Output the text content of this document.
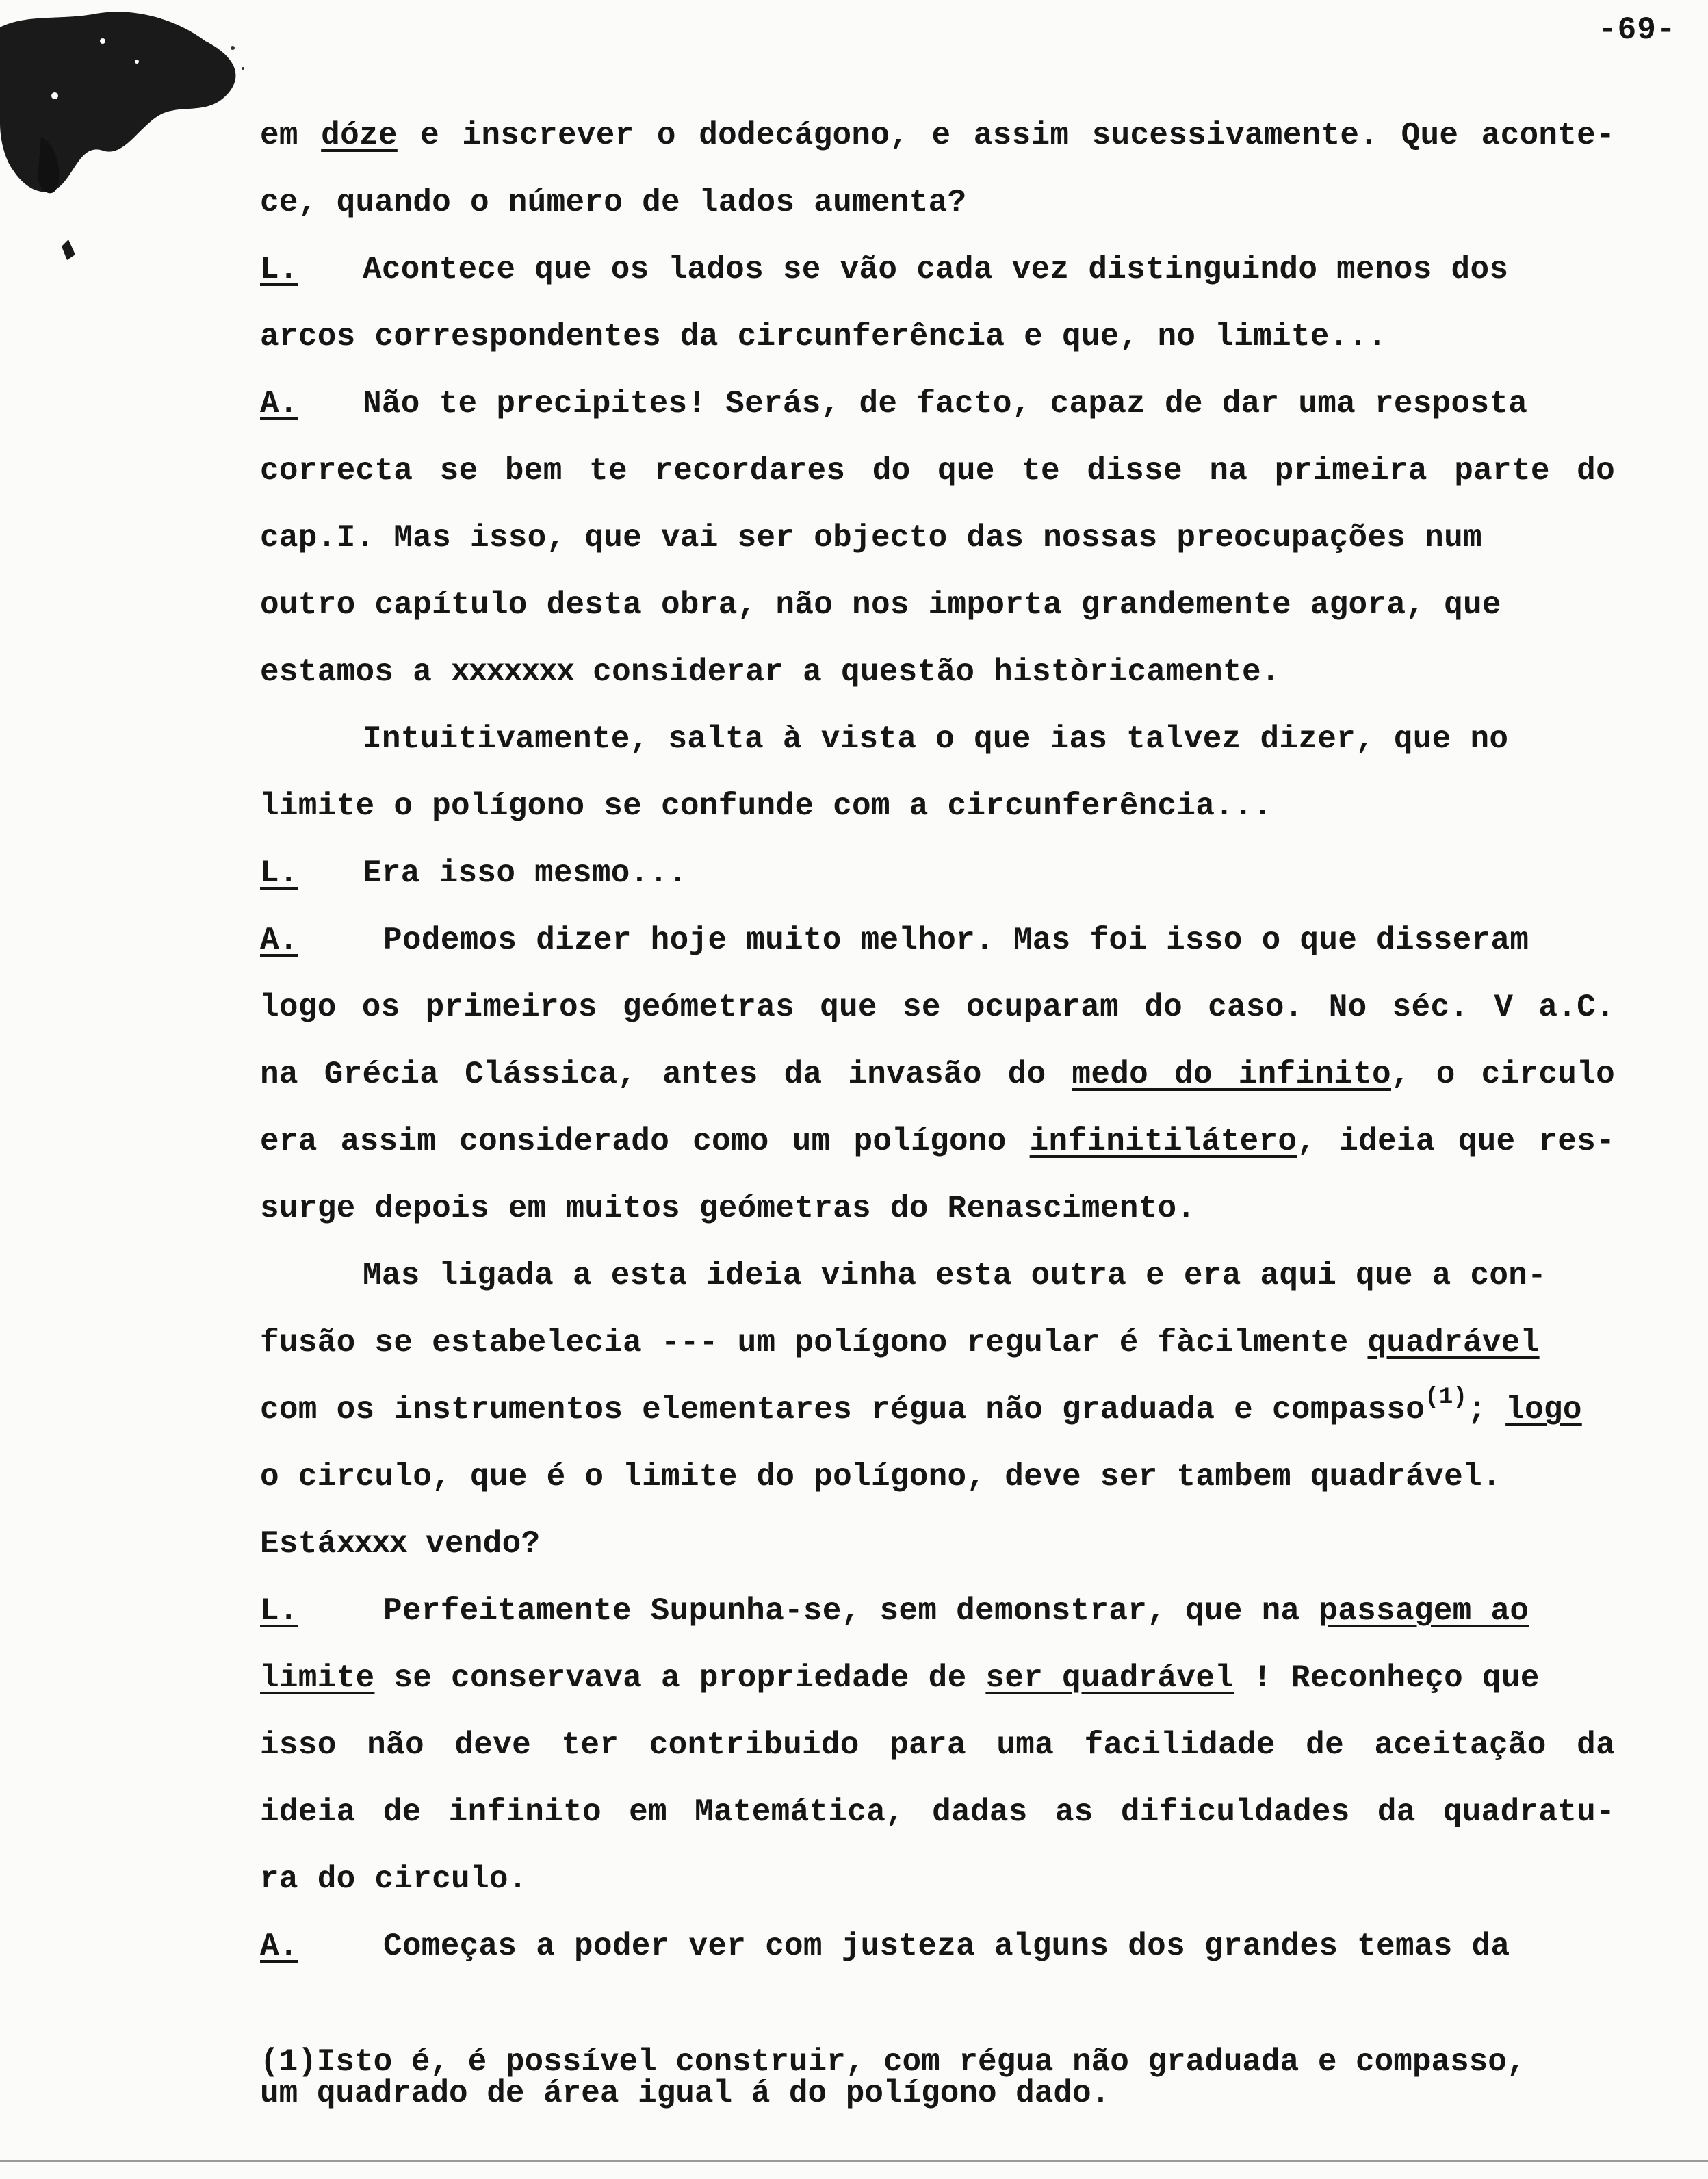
-69-
em dóze e inscrever o dodecágono, e assim sucessivamente. Que aconte-
ce, quando o número de lados aumenta?
L. Acontece que os lados se vão cada vez distinguindo menos dos
arcos correspondentes da circunferência e que, no limite...
A. Não te precipites! Serás, de facto, capaz de dar uma resposta
correcta se bem te recordares do que te disse na primeira parte do
cap.I. Mas isso, que vai ser objecto das nossas preocupações num
outro capítulo desta obra, não nos importa grandemente agora, que
estamos a xxxxxxx considerar a questão històricamente.
Intuitivamente, salta à vista o que ias talvez dizer, que no
limite o polígono se confunde com a circunferência...
L. Era isso mesmo...
A.	Podemos dizer hoje muito melhor. Mas foi isso o que disseram
logo os primeiros geómetras que se ocuparam do caso. No séc. V a.C.
na Grécia Clássica, antes da invasão do medo do infinito, o circulo
era assim considerado como um polígono infinitilátero, ideia que res-
surge depois em muitos geómetras do Renascimento.
Mas ligada a esta ideia vinha esta outra e era aqui que a con-
fusão se estabelecia --- um polígono regular é fàcilmente quadrável
com os instrumentos elementares régua não graduada e compasso$^{(1)}$; logo
o circulo, que é o limite do polígono, deve ser tambem quadrável.
Estáxxxx vendo?
L.	Perfeitamente Supunha-se, sem demonstrar, que na passagem ao
limite se conservava a propriedade de ser quadrável ! Reconheço que
isso não deve ter contribuido para uma facilidade de aceitação da
ideia de infinito em Matemática, dadas as dificuldades da quadratu-
ra do circulo.
A.	Começas a poder ver com justeza alguns dos grandes temas da
(1)Isto é, é possível construir, com régua não graduada e compasso,
um quadrado de área igual á do polígono dado.
